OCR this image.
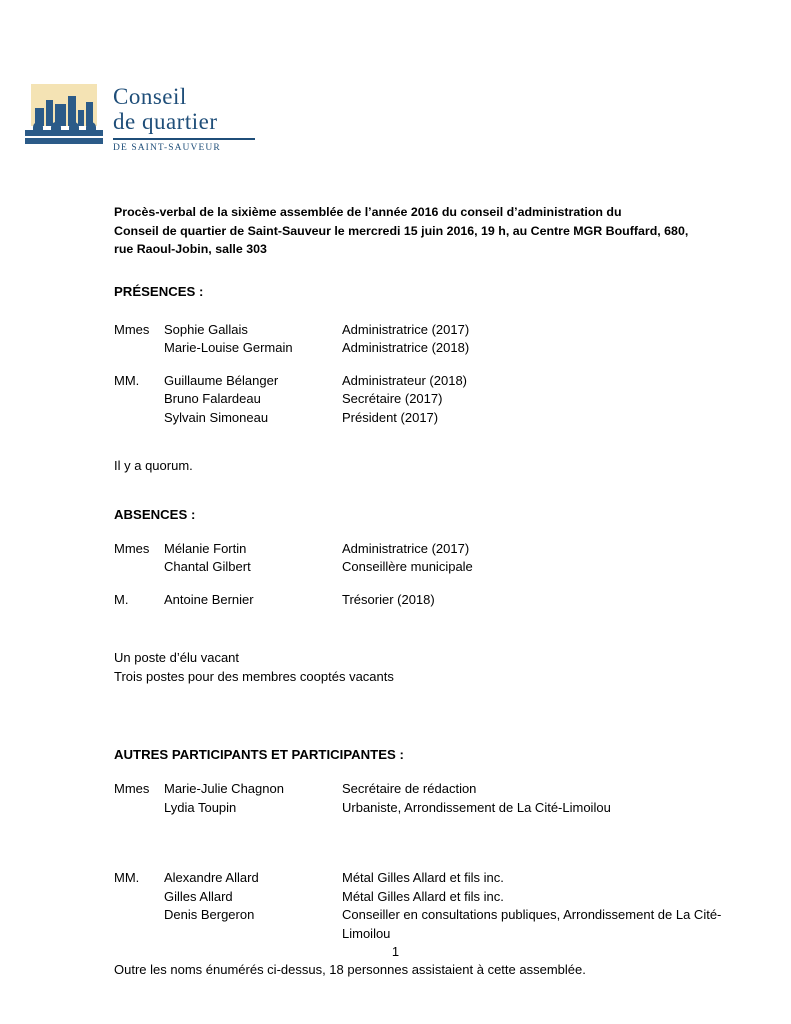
Conseil
de quartier
DE SAINT-SAUVEUR

Procès-verbal de la sixième assemblée de l’année 2016 du conseil d’administration du
Conseil de quartier de Saint-Sauveur le mercredi 15 juin 2016, 19 h, au Centre MGR Bouffard, 680,
rue Raoul-Jobin, salle 303

PRÉSENCES :
Mmes	Sophie Gallais	Administratrice (2017)
	Marie-Louise Germain	Administratrice (2018)
MM.	Guillaume Bélanger	Administrateur (2018)
	Bruno Falardeau	Secrétaire (2017)
	Sylvain Simoneau	Président (2017)

Il y a quorum.

ABSENCES :
Mmes	Mélanie Fortin	Administratrice (2017)
	Chantal Gilbert	Conseillère municipale
M.	Antoine Bernier	Trésorier (2018)

Un poste d’élu vacant

Trois postes pour des membres cooptés vacants

AUTRES PARTICIPANTS ET PARTICIPANTES :
Mmes	Marie-Julie Chagnon	Secrétaire de rédaction
	Lydia Toupin	Urbaniste, Arrondissement de La Cité-Limoilou
MM.	Alexandre Allard	Métal Gilles Allard et fils inc.
	Gilles Allard	Métal Gilles Allard et fils inc.
	Denis Bergeron	Conseiller en consultations publiques, Arrondissement de La Cité-Limoilou

Outre les noms énumérés ci-dessus, 18 personnes assistaient à cette assemblée.

1
